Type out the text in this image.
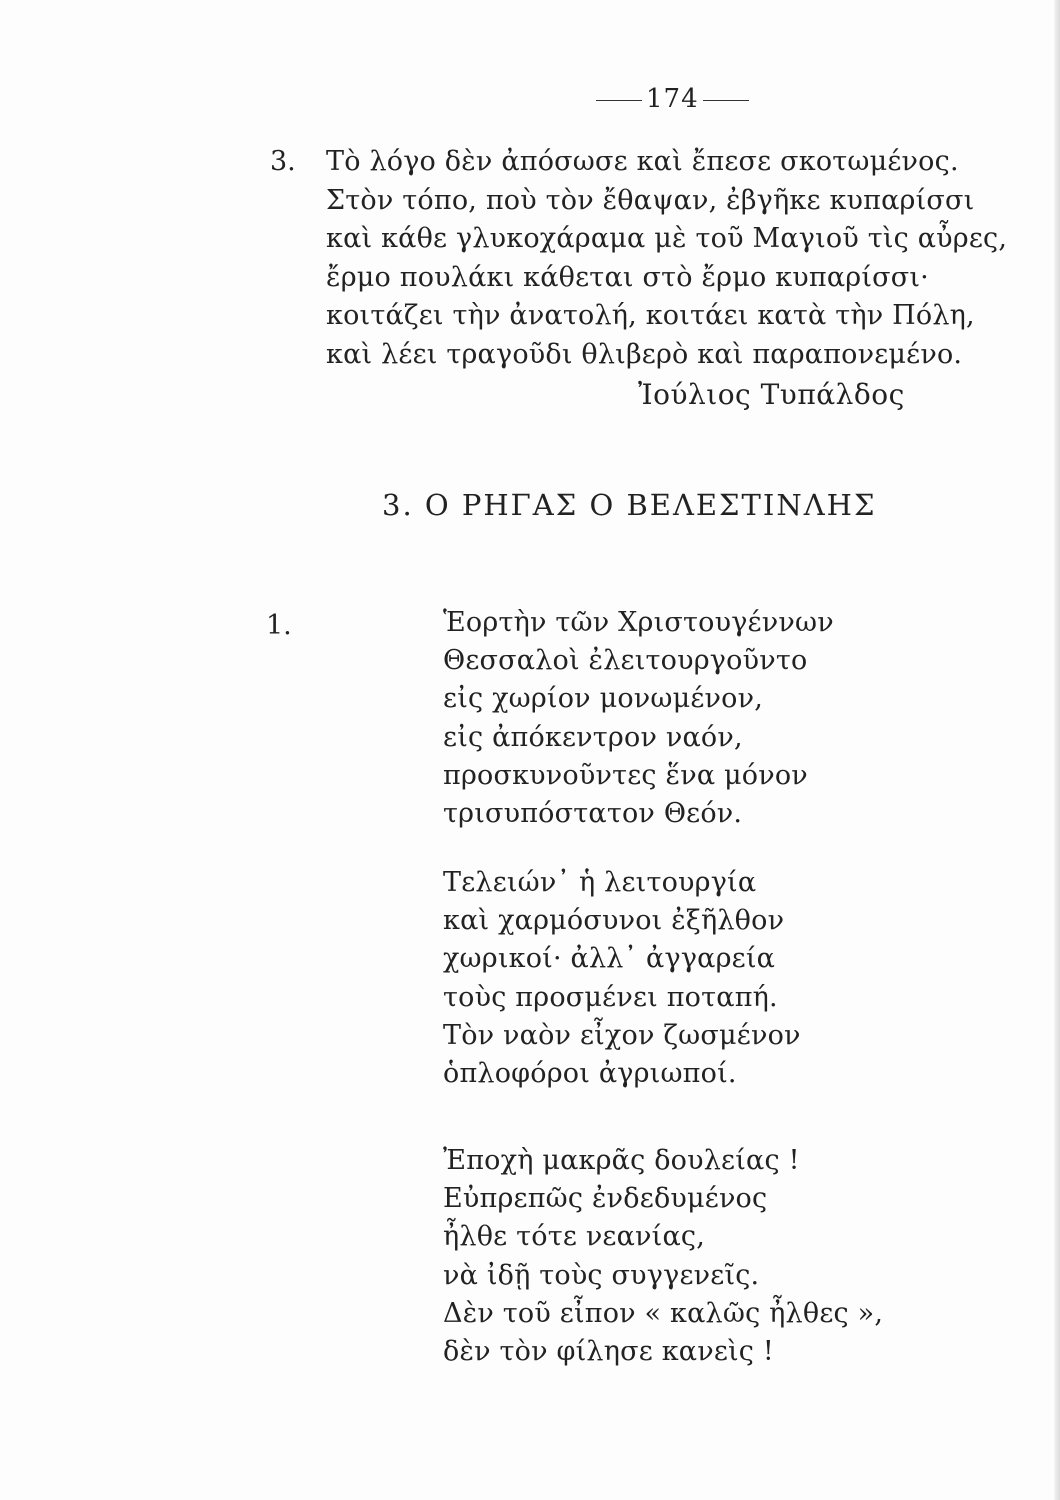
174
3. Τὸ λόγο δὲν ἀπόσωσε καὶ ἔπεσε σκοτωμένος.
Στὸν τόπο, ποὺ τὸν ἔθαψαν, ἐβγῆκε κυπαρίσσι
καὶ κάθε γλυκοχάραμα μὲ τοῦ Μαγιοῦ τὶς αὖρες,
ἔρμο πουλάκι κάθεται στὸ ἔρμο κυπαρίσσι·
κοιτάζει τὴν ἀνατολή, κοιτάει κατὰ τὴν Πόλη,
καὶ λέει τραγοῦδι θλιβερὸ καὶ παραπονεμένο.
Ἰούλιος Τυπάλδος
3. Ο ΡΗΓΑΣ Ο ΒΕΛΕΣΤΙΝΛΗΣ
1.	Ἑορτὴν τῶν Χριστουγέννων
Θεσσαλοὶ ἐλειτουργοῦντο
εἰς χωρίον μονωμένον,
εἰς ἀπόκεντρον ναόν,
προσκυνοῦντες ἕνα μόνον
τρισυπόστατον Θεόν.
Τελειών᾽ ἡ λειτουργία
καὶ χαρμόσυνοι ἐξῆλθον
χωρικοί· ἀλλ᾽ ἀγγαρεία
τοὺς προσμένει ποταπή.
Τὸν ναὸν εἶχον ζωσμένον
ὁπλοφόροι ἀγριωποί.
Ἐποχὴ μακρᾶς δουλείας !
Εὐπρεπῶς ἐνδεδυμένος
ἦλθε τότε νεανίας,
νὰ ἰδῇ τοὺς συγγενεῖς.
Δὲν τοῦ εἶπον « καλῶς ἦλθες »,
δὲν τὸν φίλησε κανεὶς !
